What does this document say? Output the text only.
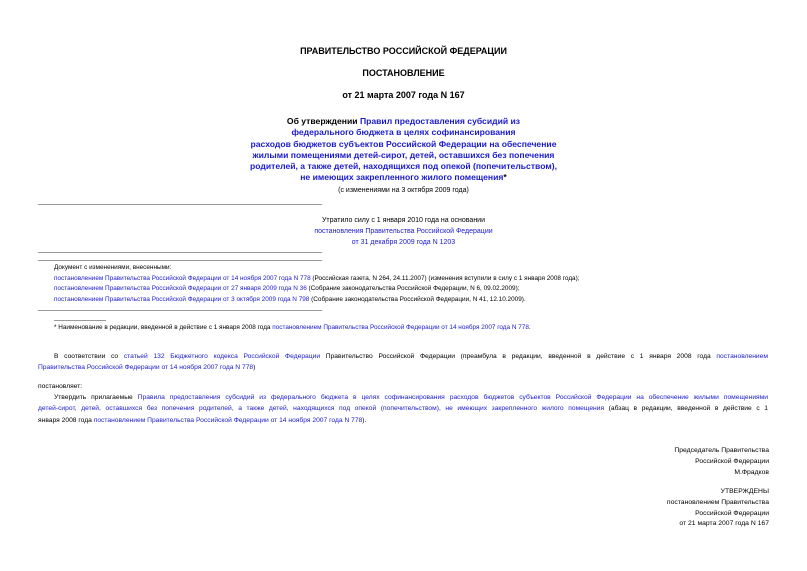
ПРАВИТЕЛЬСТВО РОССИЙСКОЙ ФЕДЕРАЦИИ
ПОСТАНОВЛЕНИЕ
от 21 марта 2007 года N 167
Об утверждении Правил предоставления субсидий из
федерального бюджета в целях софинансирования
расходов бюджетов субъектов Российской Федерации на обеспечение
жилыми помещениями детей-сирот, детей, оставшихся без попечения
родителей, а также детей, находящихся под опекой (попечительством),
не имеющих закрепленного жилого помещения*
(с изменениями на 3 октября 2009 года)
Утратило силу с 1 января 2010 года на основании
постановления Правительства Российской Федерации
от 31 декабря 2009 года N 1203
Документ с изменениями, внесенными:
постановлением Правительства Российской Федерации от 14 ноября 2007 года N 778 (Российская газета, N 264, 24.11.2007) (изменения вступили в силу с 1 января 2008 года);
постановлением Правительства Российской Федерации от 27 января 2009 года N 36 (Собрание законодательства Российской Федерации, N 6, 09.02.2009);
постановлением Правительства Российской Федерации от 3 октября 2009 года N 798 (Собрание законодательства Российской Федерации, N 41, 12.10.2009).
* Наименование в редакции, введенной в действие с 1 января 2008 года постановлением Правительства Российской Федерации от 14 ноября 2007 года N 778.
В соответствии со статьей 132 Бюджетного кодекса Российской Федерации Правительство Российской Федерации (преамбула в редакции, введенной в действие с 1 января 2008 года постановлением
Правительства Российской Федерации от 14 ноября 2007 года N 778)
постановляет:
Утвердить прилагаемые Правила предоставления субсидий из федерального бюджета в целях софинансирования расходов бюджетов субъектов Российской Федерации на обеспечение жилыми помещениями
детей-сирот, детей, оставшихся без попечения родителей, а также детей, находящихся под опекой (попечительством), не имеющих закрепленного жилого помещения (абзац в редакции, введенной в действие с 1
января 2008 года постановлением Правительства Российской Федерации от 14 ноября 2007 года N 778).
Председатель Правительства
Российской Федерации
М.Фрадков
УТВЕРЖДЕНЫ
постановлением Правительства
Российской Федерации
от 21 марта 2007 года N 167
